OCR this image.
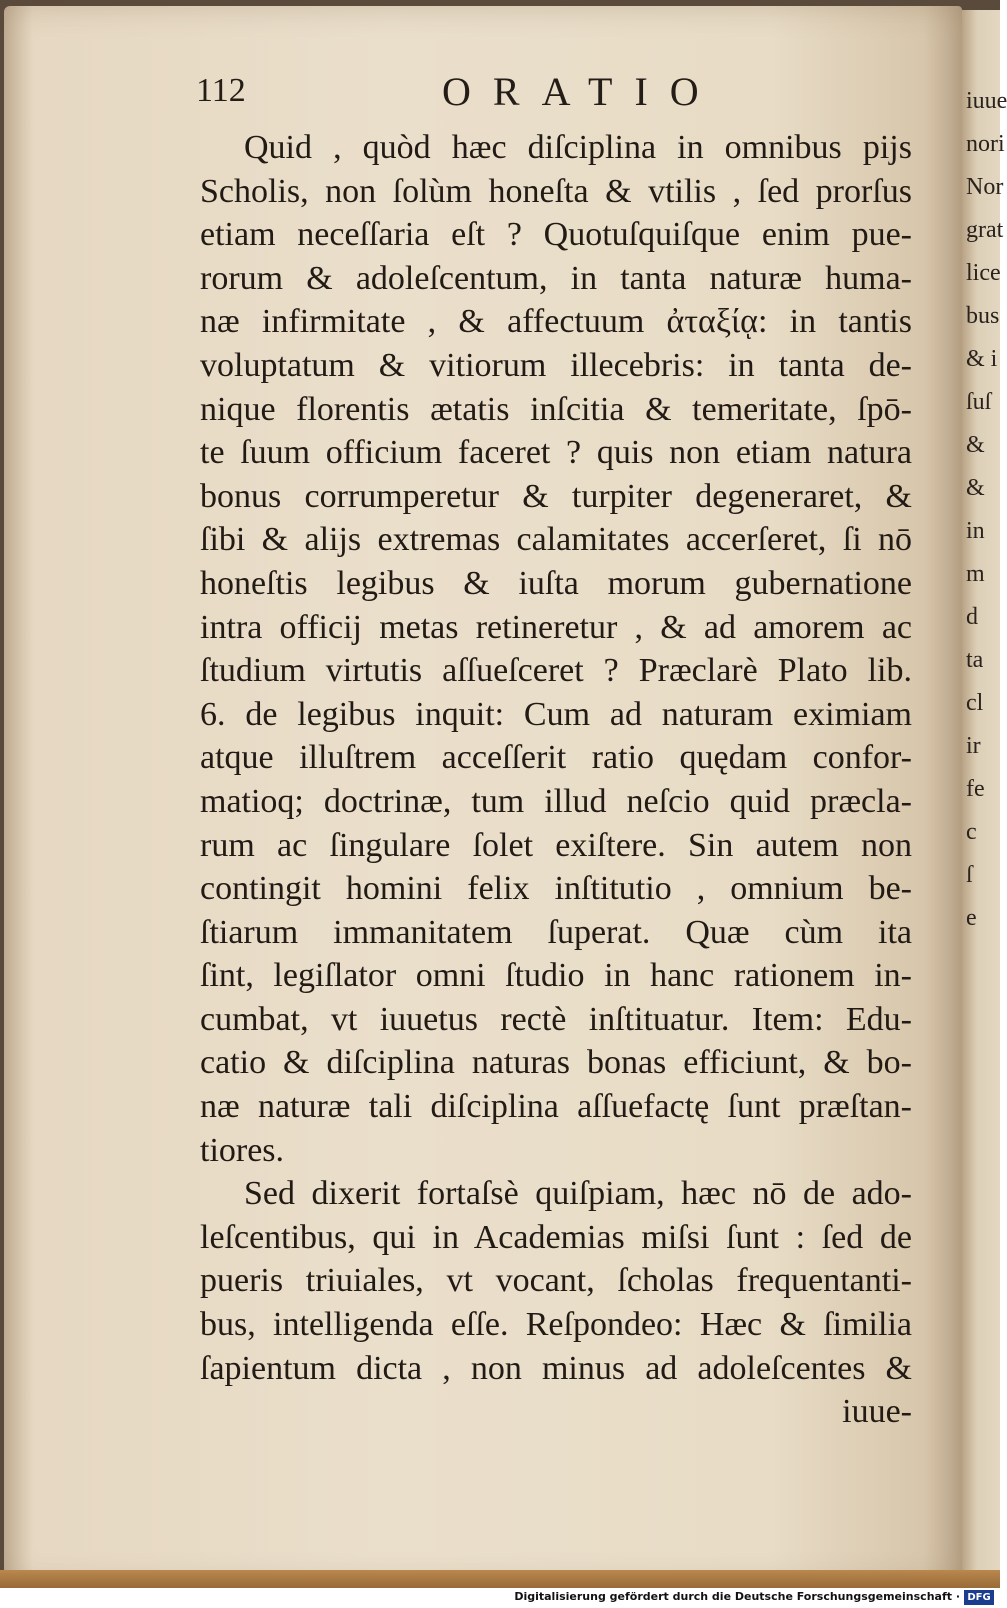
iuue
nori
Nor
grat
lice
bus
& i
ſuſ
&
&
in
m
d
ta
cl
ir
fe
c
ſ
e
112	ORATIO
Quid , quòd hæc diſciplina in omnibus pijs
Scholis, non ſolùm honeſta & vtilis , ſed prorſus
etiam neceſſaria eſt ? Quotuſquiſque enim pue-
rorum & adoleſcentum, in tanta naturæ huma-
næ infirmitate , & affectuum ἀταξίᾳ: in tantis
voluptatum & vitiorum illecebris: in tanta de-
nique florentis ætatis inſcitia & temeritate, ſpō-
te ſuum officium faceret ? quis non etiam natura
bonus corrumperetur & turpiter degeneraret, &
ſibi & alijs extremas calamitates accerſeret, ſi nō
honeſtis legibus & iuſta morum gubernatione
intra officij metas retineretur , & ad amorem ac
ſtudium virtutis aſſueſceret ? Præclarè Plato lib.
6. de legibus inquit: Cum ad naturam eximiam
atque illuſtrem acceſſerit ratio quędam confor-
matioq; doctrinæ, tum illud neſcio quid præcla-
rum ac ſingulare ſolet exiſtere. Sin autem non
contingit homini felix inſtitutio , omnium be-
ſtiarum immanitatem ſuperat. Quæ cùm ita
ſint, legiſlator omni ſtudio in hanc rationem in-
cumbat, vt iuuetus rectè inſtituatur. Item: Edu-
catio & diſciplina naturas bonas efficiunt, & bo-
næ naturæ tali diſciplina aſſuefactę ſunt præſtan-
tiores.
Sed dixerit fortaſsè quiſpiam, hæc nō de ado-
leſcentibus, qui in Academias miſsi ſunt : ſed de
pueris triuiales, vt vocant, ſcholas frequentanti-
bus, intelligenda eſſe. Reſpondeo: Hæc & ſimilia
ſapientum dicta , non minus ad adoleſcentes &
iuue-
Digitalisierung gefördert durch die Deutsche Forschungsgemeinschaft · DFG
